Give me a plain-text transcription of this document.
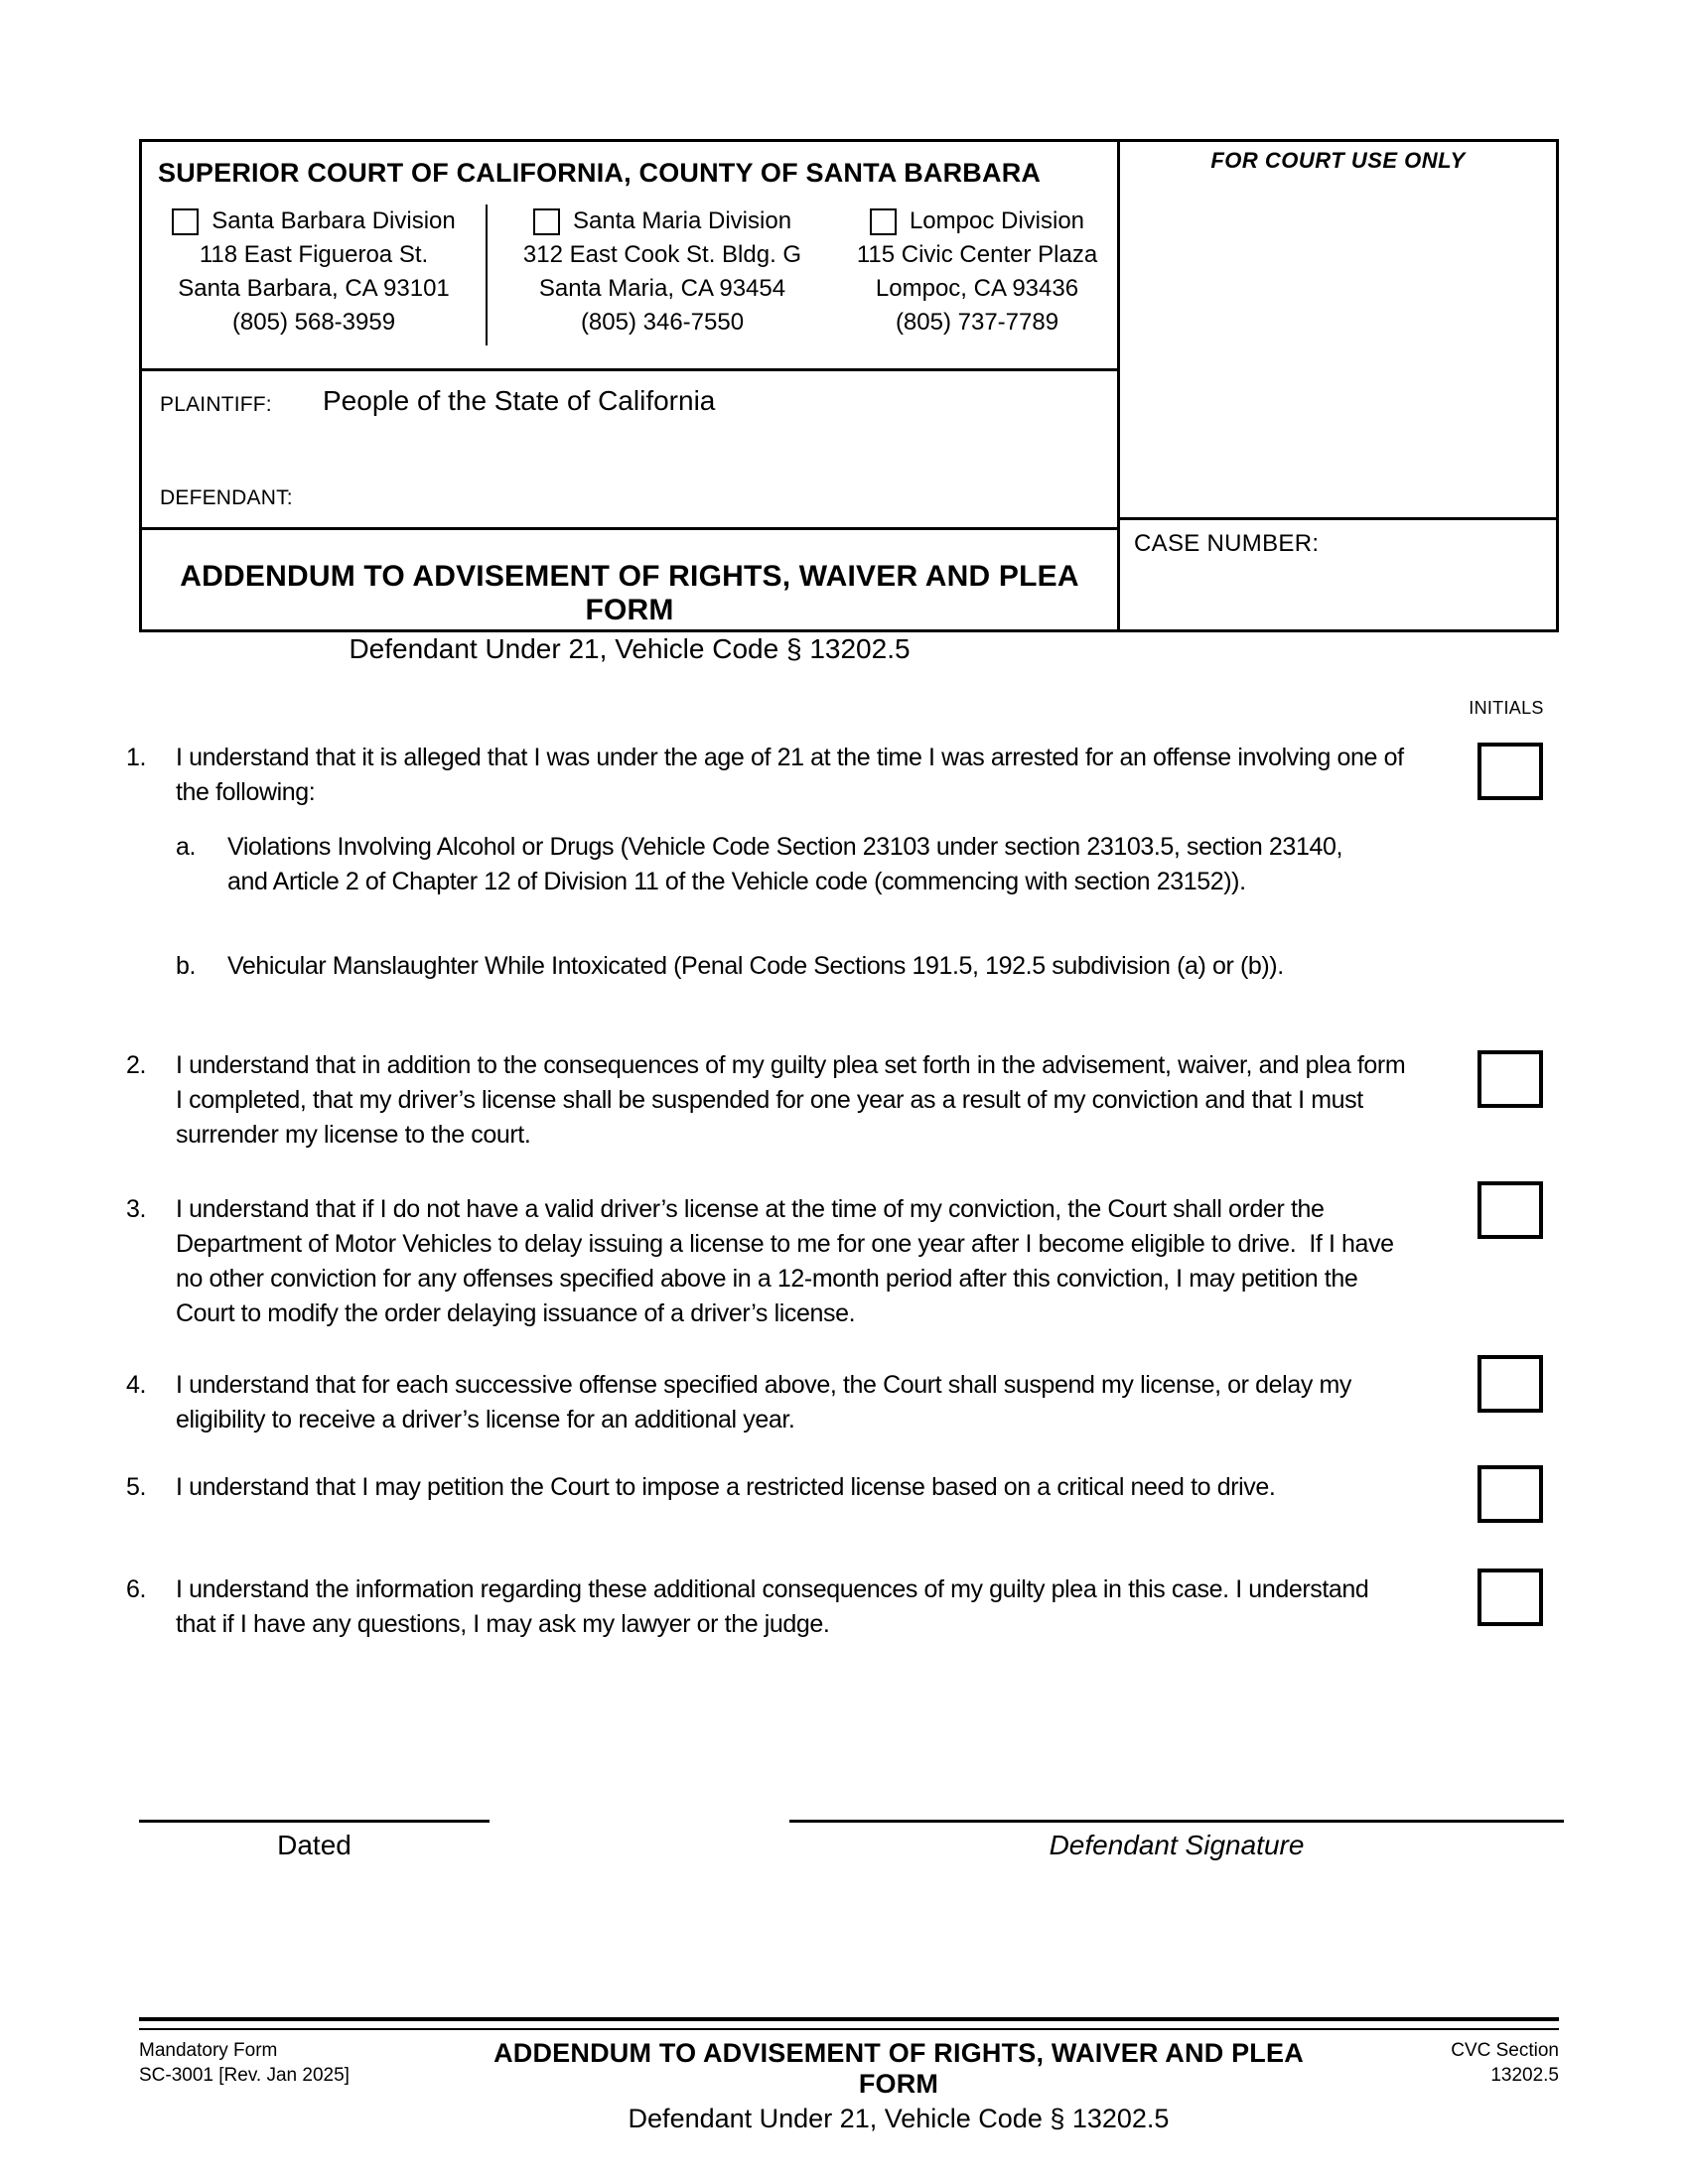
SUPERIOR COURT OF CALIFORNIA, COUNTY OF SANTA BARBARA
Santa Barbara Division
118 East Figueroa St.
Santa Barbara, CA 93101
(805) 568-3959
Santa Maria Division
312 East Cook St. Bldg. G
Santa Maria, CA 93454
(805) 346-7550
Lompoc Division
115 Civic Center Plaza
Lompoc, CA 93436
(805) 737-7789
PLAINTIFF: People of the State of California
DEFENDANT:
ADDENDUM TO ADVISEMENT OF RIGHTS, WAIVER AND PLEA FORM
Defendant Under 21, Vehicle Code § 13202.5
FOR COURT USE ONLY
CASE NUMBER:
INITIALS
1.	I understand that it is alleged that I was under the age of 21 at the time I was arrested for an offense involving one of the following:
a.	Violations Involving Alcohol or Drugs (Vehicle Code Section 23103 under section 23103.5, section 23140, and Article 2 of Chapter 12 of Division 11 of the Vehicle code (commencing with section 23152)).
b.	Vehicular Manslaughter While Intoxicated (Penal Code Sections 191.5, 192.5 subdivision (a) or (b)).
2.	I understand that in addition to the consequences of my guilty plea set forth in the advisement, waiver, and plea form I completed, that my driver’s license shall be suspended for one year as a result of my conviction and that I must surrender my license to the court.
3.	I understand that if I do not have a valid driver’s license at the time of my conviction, the Court shall order the Department of Motor Vehicles to delay issuing a license to me for one year after I become eligible to drive.  If I have no other conviction for any offenses specified above in a 12-month period after this conviction, I may petition the Court to modify the order delaying issuance of a driver’s license.
4.	I understand that for each successive offense specified above, the Court shall suspend my license, or delay my eligibility to receive a driver’s license for an additional year.
5.	I understand that I may petition the Court to impose a restricted license based on a critical need to drive.
6.	I understand the information regarding these additional consequences of my guilty plea in this case. I understand that if I have any questions, I may ask my lawyer or the judge.
Dated	Defendant Signature
Mandatory Form
SC-3001 [Rev. Jan 2025]
ADDENDUM TO ADVISEMENT OF RIGHTS, WAIVER AND PLEA FORM
Defendant Under 21, Vehicle Code § 13202.5
CVC Section
13202.5
